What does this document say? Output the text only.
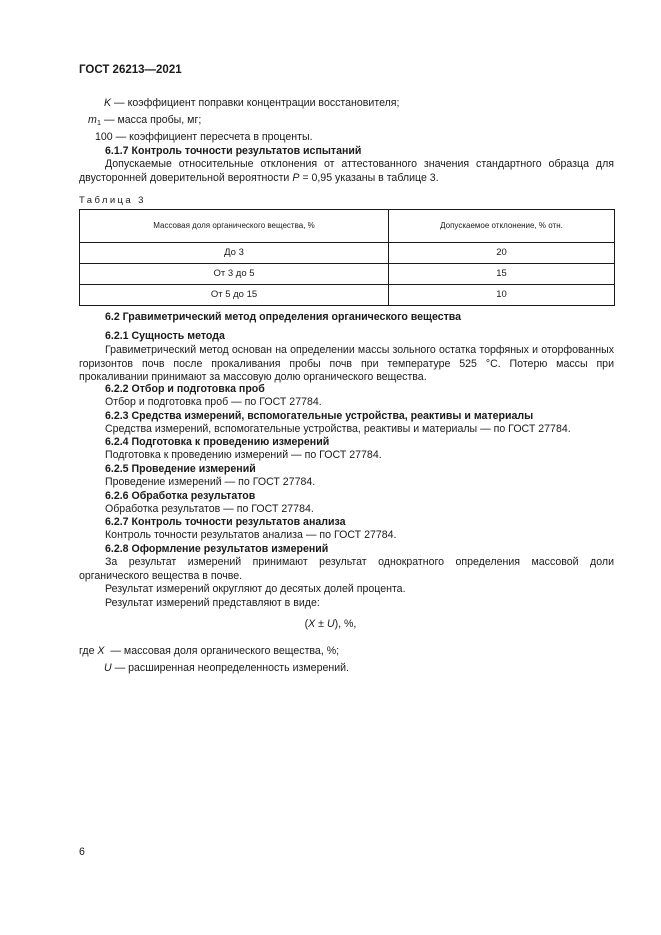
ГОСТ 26213—2021
K — коэффициент поправки концентрации восстановителя;
$m_1$ — масса пробы, мг;
100 — коэффициент пересчета в проценты.
6.1.7 Контроль точности результатов испытаний
Допускаемые относительные отклонения от аттестованного значения стандартного образца для двусторонней доверительной вероятности P = 0,95 указаны в таблице 3.
Таблица 3
Массовая доля органического вещества, %	Допускаемое отклонение, % отн.
До 3	20
От 3 до 5	15
От 5 до 15	10
6.2 Гравиметрический метод определения органического вещества
6.2.1 Сущность метода
Гравиметрический метод основан на определении массы зольного остатка торфяных и оторфованных горизонтов почв после прокаливания пробы почв при температуре 525 °С. Потерю массы при прокаливании принимают за массовую долю органического вещества.
6.2.2 Отбор и подготовка проб
Отбор и подготовка проб — по ГОСТ 27784.
6.2.3 Средства измерений, вспомогательные устройства, реактивы и материалы
Средства измерений, вспомогательные устройства, реактивы и материалы — по ГОСТ 27784.
6.2.4 Подготовка к проведению измерений
Подготовка к проведению измерений — по ГОСТ 27784.
6.2.5 Проведение измерений
Проведение измерений — по ГОСТ 27784.
6.2.6 Обработка результатов
Обработка результатов — по ГОСТ 27784.
6.2.7 Контроль точности результатов анализа
Контроль точности результатов анализа — по ГОСТ 27784.
6.2.8 Оформление результатов измерений
За результат измерений принимают результат однократного определения массовой доли органического вещества в почве.
Результат измерений округляют до десятых долей процента.
Результат измерений представляют в виде:
(X ± U), %,
где X — массовая доля органического вещества, %;
U — расширенная неопределенность измерений.
6
